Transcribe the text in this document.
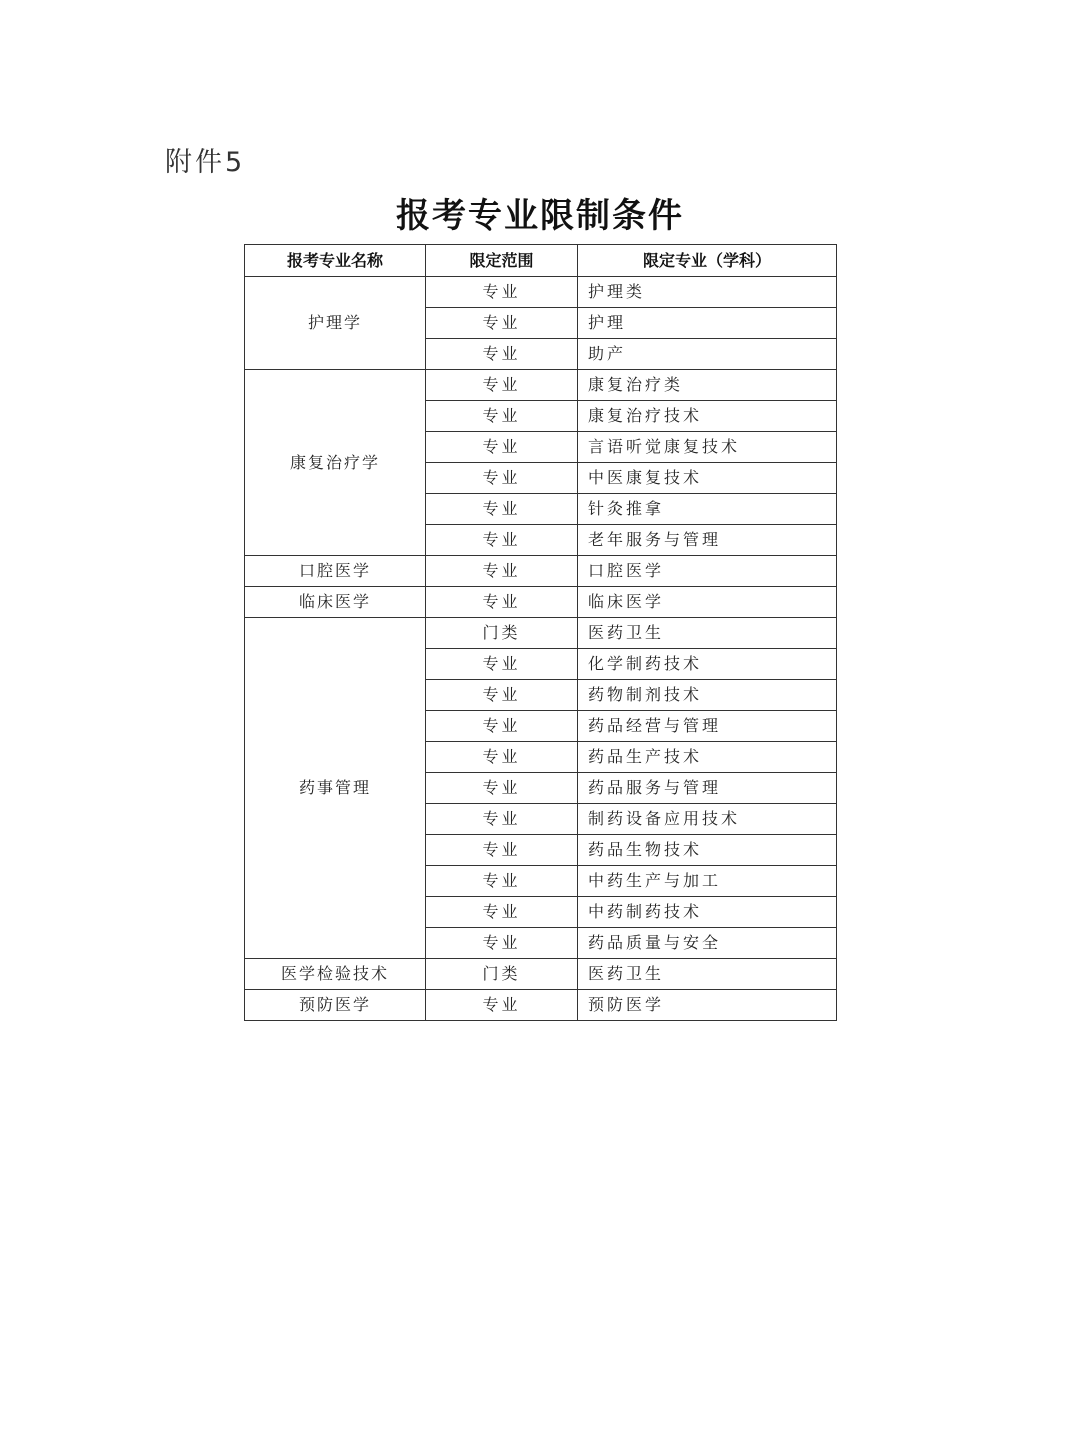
附件5
报考专业限制条件
报考专业名称	限定范围	限定专业（学科）
护理学	专业	护理类
	专业	护理
	专业	助产
康复治疗学	专业	康复治疗类
	专业	康复治疗技术
	专业	言语听觉康复技术
	专业	中医康复技术
	专业	针灸推拿
	专业	老年服务与管理
口腔医学	专业	口腔医学
临床医学	专业	临床医学
药事管理	门类	医药卫生
	专业	化学制药技术
	专业	药物制剂技术
	专业	药品经营与管理
	专业	药品生产技术
	专业	药品服务与管理
	专业	制药设备应用技术
	专业	药品生物技术
	专业	中药生产与加工
	专业	中药制药技术
	专业	药品质量与安全
医学检验技术	门类	医药卫生
预防医学	专业	预防医学
